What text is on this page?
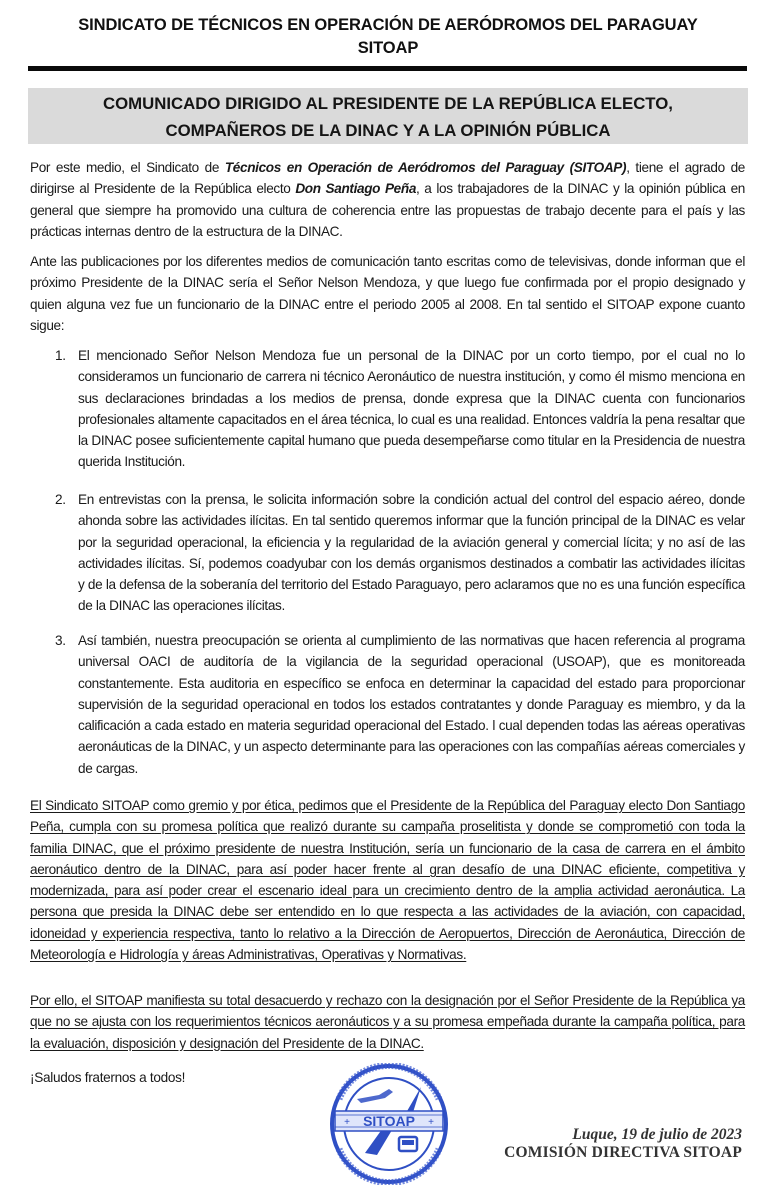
SINDICATO DE TÉCNICOS EN OPERACIÓN DE AERÓDROMOS DEL PARAGUAY
SITOAP
COMUNICADO DIRIGIDO AL PRESIDENTE DE LA REPÚBLICA ELECTO,
COMPAÑEROS DE LA DINAC Y A LA OPINIÓN PÚBLICA

Por este medio, el Sindicato de Técnicos en Operación de Aeródromos del Paraguay (SITOAP), tiene el agrado de dirigirse al Presidente de la República electo Don Santiago Peña, a los trabajadores de la DINAC y la opinión pública en general que siempre ha promovido una cultura de coherencia entre las propuestas de trabajo decente para el país y las prácticas internas dentro de la estructura de la DINAC.

Ante las publicaciones por los diferentes medios de comunicación tanto escritas como de televisivas, donde informan que el próximo Presidente de la DINAC sería el Señor Nelson Mendoza, y que luego fue confirmada por el propio designado y quien alguna vez fue un funcionario de la DINAC entre el periodo 2005 al 2008. En tal sentido el SITOAP expone cuanto sigue:

1. El mencionado Señor Nelson Mendoza fue un personal de la DINAC por un corto tiempo, por el cual no lo consideramos un funcionario de carrera ni técnico Aeronáutico de nuestra institución, y como él mismo menciona en sus declaraciones brindadas a los medios de prensa, donde expresa que la DINAC cuenta con funcionarios profesionales altamente capacitados en el área técnica, lo cual es una realidad. Entonces valdría la pena resaltar que la DINAC posee suficientemente capital humano que pueda desempeñarse como titular en la Presidencia de nuestra querida Institución.
2. En entrevistas con la prensa, le solicita información sobre la condición actual del control del espacio aéreo, donde ahonda sobre las actividades ilícitas. En tal sentido queremos informar que la función principal de la DINAC es velar por la seguridad operacional, la eficiencia y la regularidad de la aviación general y comercial lícita; y no así de las actividades ilícitas. Sí, podemos coadyubar con los demás organismos destinados a combatir las actividades ilícitas y de la defensa de la soberanía del territorio del Estado Paraguayo, pero aclaramos que no es una función específica de la DINAC las operaciones ilícitas.
3. Así también, nuestra preocupación se orienta al cumplimiento de las normativas que hacen referencia al programa universal OACI de auditoría de la vigilancia de la seguridad operacional (USOAP), que es monitoreada constantemente. Esta auditoria en específico se enfoca en determinar la capacidad del estado para proporcionar supervisión de la seguridad operacional en todos los estados contratantes y donde Paraguay es miembro, y da la calificación a cada estado en materia seguridad operacional del Estado. l cual dependen todas las aéreas operativas aeronáuticas de la DINAC, y un aspecto determinante para las operaciones con las compañías aéreas comerciales y de cargas.

El Sindicato SITOAP como gremio y por ética, pedimos que el Presidente de la República del Paraguay electo Don Santiago Peña, cumpla con su promesa política que realizó durante su campaña proselitista y donde se comprometió con toda la familia DINAC, que el próximo presidente de nuestra Institución, sería un funcionario de la casa de carrera en el ámbito aeronáutico dentro de la DINAC, para así poder hacer frente al gran desafío de una DINAC eficiente, competitiva y modernizada, para así poder crear el escenario ideal para un crecimiento dentro de la amplia actividad aeronáutica. La persona que presida la DINAC debe ser entendido en lo que respecta a las actividades de la aviación, con capacidad, idoneidad y experiencia respectiva, tanto lo relativo a la Dirección de Aeropuertos, Dirección de Aeronáutica, Dirección de Meteorología e Hidrología y áreas Administrativas, Operativas y Normativas.

Por ello, el SITOAP manifiesta su total desacuerdo y rechazo con la designación por el Señor Presidente de la República ya que no se ajusta con los requerimientos técnicos aeronáuticos y a su promesa empeñada durante la campaña política, para la evaluación, disposición y designación del Presidente de la DINAC.

¡Saludos fraternos a todos!
SITOAP
+	+
Luque, 19 de julio de 2023
COMISIÓN DIRECTIVA SITOAP
